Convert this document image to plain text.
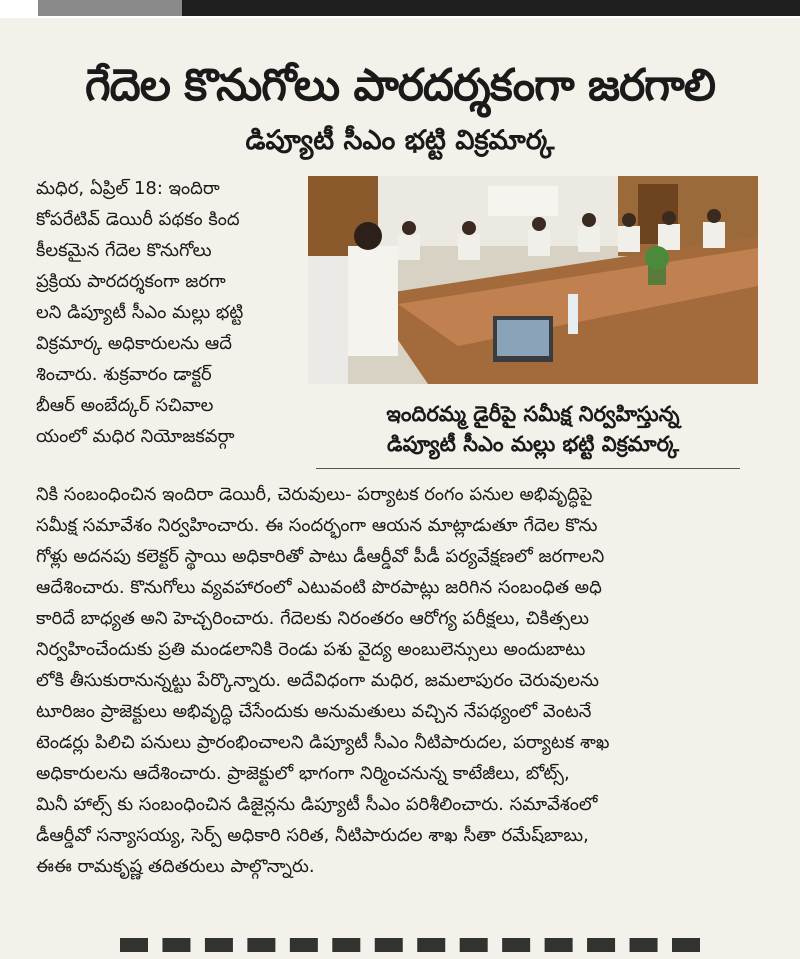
గేదెల కొనుగోలు పారదర్శకంగా జరగాలి
డిప్యూటీ సీఎం భట్టి విక్రమార్క
మధిర, ఏప్రిల్ 18: ఇందిరా
కోపరేటివ్ డెయిరీ పథకం కింద
కీలకమైన గేదెల కొనుగోలు
ప్రక్రియ పారదర్శకంగా జరగా
లని డిప్యూటీ సీఎం మల్లు భట్టి
విక్రమార్క అధికారులను ఆదే
శించారు. శుక్రవారం డాక్టర్
బీఆర్ అంబేద్కర్ సచివాల
యంలో మధిర నియోజకవర్గా
ఇందిరమ్మ డైరీపై సమీక్ష నిర్వహిస్తున్న
డిప్యూటీ సీఎం మల్లు భట్టి విక్రమార్క
నికి సంబంధించిన ఇందిరా డెయిరీ, చెరువులు- పర్యాటక రంగం పనుల అభివృద్ధిపై
సమీక్ష సమావేశం నిర్వహించారు. ఈ సందర్భంగా ఆయన మాట్లాడుతూ గేదెల కొను
గోళ్లు అదనపు కలెక్టర్ స్థాయి అధికారితో పాటు డీఆర్డీవో పీడీ పర్యవేక్షణలో జరగాలని
ఆదేశించారు. కొనుగోలు వ్యవహారంలో ఎటువంటి పొరపాట్లు జరిగిన సంబంధిత అధి
కారిదే బాధ్యత అని హెచ్చరించారు. గేదెలకు నిరంతరం ఆరోగ్య పరీక్షలు, చికిత్సలు
నిర్వహించేందుకు ప్రతి మండలానికి రెండు పశు వైద్య అంబులెన్సులు అందుబాటు
లోకి తీసుకురానున్నట్టు పేర్కొన్నారు. అదేవిధంగా మధిర, జమలాపురం చెరువులను
టూరిజం ప్రాజెక్టులు అభివృద్ధి చేసేందుకు అనుమతులు వచ్చిన నేపథ్యంలో వెంటనే
టెండర్లు పిలిచి పనులు ప్రారంభించాలని డిప్యూటీ సీఎం నీటిపారుదల, పర్యాటక శాఖ
అధికారులను ఆదేశించారు. ప్రాజెక్టులో భాగంగా నిర్మించనున్న కాటేజీలు, బోట్స్,
మినీ హాల్స్ కు సంబంధించిన డిజైన్లను డిప్యూటీ సీఎం పరిశీలించారు. సమావేశంలో
డీఆర్డీవో సన్యాసయ్య, సెర్ప్ అధికారి సరిత, నీటిపారుదల శాఖ సీతా రమేష్‌బాబు,
ఈఈ రామకృష్ణ తదితరులు పాల్గొన్నారు.
